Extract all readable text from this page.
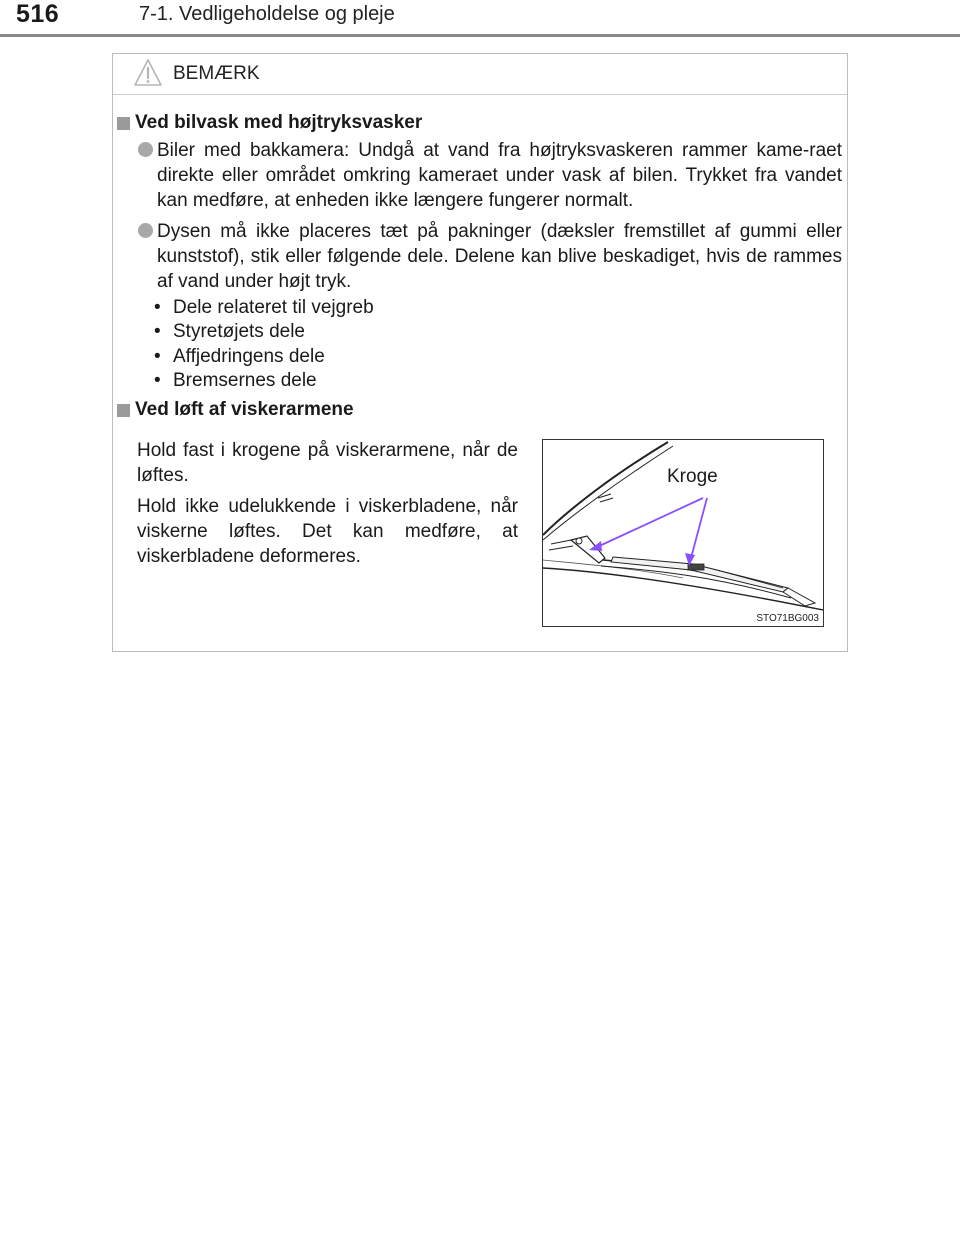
516	7-1. Vedligeholdelse og pleje
BEMÆRK
Ved bilvask med højtryksvasker
Biler med bakkamera: Undgå at vand fra højtryksvaskeren rammer kame-raet direkte eller området omkring kameraet under vask af bilen. Trykket fra vandet kan medføre, at enheden ikke længere fungerer normalt.
Dysen må ikke placeres tæt på pakninger (dæksler fremstillet af gummi eller kunststof), stik eller følgende dele. Delene kan blive beskadiget, hvis de rammes af vand under højt tryk.
• Dele relateret til vejgreb
• Styretøjets dele
• Affjedringens dele
• Bremsernes dele
Ved løft af viskerarmene
Hold fast i krogene på viskerarmene, når de løftes.
Hold ikke udelukkende i viskerbladene, når viskerne løftes. Det kan medføre, at viskerbladene deformeres.
Kroge
STO71BG003
